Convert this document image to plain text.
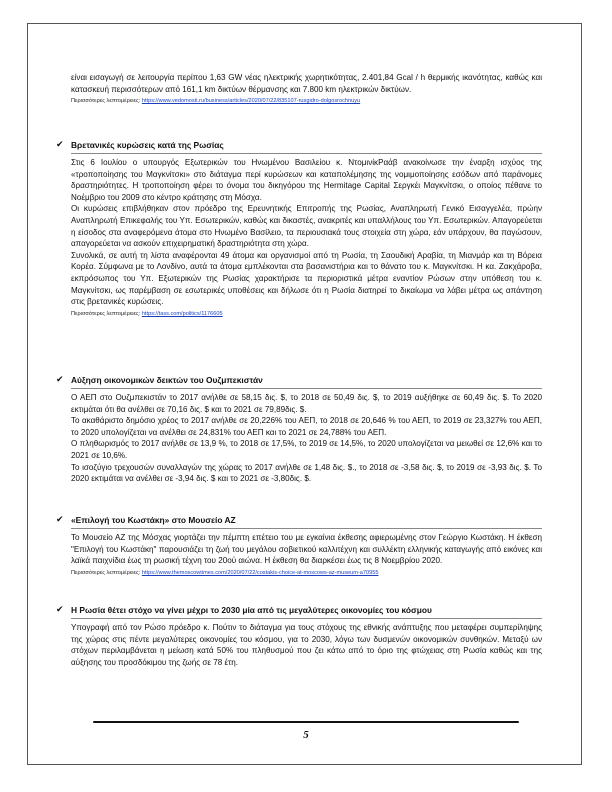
είναι εισαγωγή σε λειτουργία περίπου 1,63 GW νέας ηλεκτρικής χωρητικότητας, 2.401,84 Gcal / h θερμικής ικανότητας, καθώς και κατασκευή περισσότερων από 161,1 km δικτύων θέρμανσης και 7.800 km ηλεκτρικών δικτύων.

Περισσότερες λεπτομέρειες: https://www.vedomosti.ru/business/articles/2020/07/22/835107-rusgidro-dolgosrochnuyu

✔ Βρετανικές κυρώσεις κατά της Ρωσίας

Στις 6 Ιουλίου ο υπουργός Εξωτερικών του Ηνωμένου Βασιλείου κ. ΝτομινίκΡαάβ ανακοίνωσε την έναρξη ισχύος της «τροποποίησης του Μαγκνίτσκι» στο διάταγμα περί κυρώσεων και καταπολέμησης της νομιμοποίησης εσόδων από παράνομες δραστηριότητες. Η τροποποίηση φέρει το όνομα του δικηγόρου της Hermitage Capital Σεργκέι Μαγκνίτσκι, ο οποίος πέθανε το Νοέμβριο του 2009 στο κέντρο κράτησης στη Μόσχα.

Οι κυρώσεις επιβλήθηκαν στον πρόεδρο της Ερευνητικής Επιτροπής της Ρωσίας, Αναπληρωτή Γενικό Εισαγγελέα, πρώην Αναπληρωτή Επικεφαλής του Υπ. Εσωτερικών, καθώς και δικαστές, ανακριτές και υπαλλήλους του Υπ. Εσωτερικών. Απαγορεύεται η είσοδος στα αναφερόμενα άτομα στο Ηνωμένο Βασίλειο, τα περιουσιακά τους στοιχεία στη χώρα, εάν υπάρχουν, θα παγώσουν, απαγορεύεται να ασκούν επιχειρηματική δραστηριότητα στη χώρα.

Συνολικά, σε αυτή τη λίστα αναφέρονται 49 άτομα και οργανισμοί από τη Ρωσία, τη Σαουδική Αραβία, τη Μιανμάρ και τη Βόρεια Κορέα. Σύμφωνα με το Λονδίνο, αυτά τα άτομα εμπλέκονται στα βασανιστήρια και το θάνατο του κ. Μαγκνίτσκι. Η κα. Ζακχάροβα, εκπρόσωπος του Υπ. Εξωτερικών της Ρωσίας χαρακτήρισε τα περιοριστικά μέτρα εναντίον Ρώσων στην υπόθεση του κ. Μαγκνίτσκι, ως παρέμβαση σε εσωτερικές υποθέσεις και δήλωσε ότι η Ρωσία διατηρεί το δικαίωμα να λάβει μέτρα ως απάντηση στις βρετανικές κυρώσεις.

Περισσότερες λεπτομέρειες: https://tass.com/politics/1176605

✔ Αύξηση οικονομικών δεικτών του Ουζμπεκιστάν

Ο ΑΕΠ στο Ουζμπεκιστάν το 2017 ανήλθε σε 58,15 δις. $, το 2018 σε 50,49 δις. $, το 2019 αυξήθηκε σε 60,49 δις. $. Το 2020 εκτιμάται ότι θα ανέλθει σε 70,16 δις. $ και το 2021 σε 79,89δις. $.

Το ακαθάριστο δημόσιο χρέος το 2017 ανήλθε σε 20,226% του ΑΕΠ, το 2018 σε 20,646 % του ΑΕΠ, το 2019 σε 23,327% του ΑΕΠ, το 2020 υπολογίζεται να ανέλθει σε 24,831% του ΑΕΠ και το 2021 σε 24,788% του ΑΕΠ.

Ο πληθωρισμός το 2017 ανήλθε σε 13,9 %, το 2018 σε 17,5%, το 2019 σε 14,5%, το 2020 υπολογίζεται να μειωθεί σε 12,6% και το 2021 σε 10,6%.

Το ισοζύγιο τρεχουσών συναλλαγών της χώρας το 2017 ανήλθε σε 1,48 δις. $., το 2018 σε -3,58 δις. $, το 2019 σε -3,93 δις. $. Το 2020 εκτιμάται να ανέλθει σε -3,94 δις. $ και το 2021 σε -3,80δις. $.

✔ «Επιλογή του Κωστάκη» στο Μουσείο ΑΖ

Το Μουσείο ΑΖ της Μόσχας γιορτάζει την πέμπτη επέτειο του με εγκαίνια έκθεσης αφιερωμένης στον Γεώργιο Κωστάκη. Η έκθεση "Επιλογή του Κωστάκη" παρουσιάζει τη ζωή του μεγάλου σοβιετικού καλλιτέχνη και συλλέκτη ελληνικής καταγωγής από εικόνες και λαϊκά παιχνίδια έως τη ρωσική τέχνη του 20ού αιώνα. Η έκθεση θα διαρκέσει έως τις 8 Νοεμβρίου 2020.

Περισσότερες λεπτομέρειες: https://www.themoscowtimes.com/2020/07/22/costakis-choice-at-moscows-az-museum-a70955

✔ Η Ρωσία θέτει στόχο να γίνει μέχρι το 2030 μία από τις μεγαλύτερες οικονομίες του κόσμου

Υπογραφή από τον Ρώσο πρόεδρο κ. Πούτιν το διάταγμα για τους στόχους της εθνικής ανάπτυξης που μεταφέρει συμπερίληψης της χώρας στις πέντε μεγαλύτερες οικονομίες του κόσμου, για το 2030, λόγω των δυσμενών οικονομικών συνθηκών. Μεταξύ ων στόχων περιλαμβάνεται η μείωση κατά 50% του πληθυσμού που ζει κάτω από το όριο της φτώχειας στη Ρωσία καθώς και της αύξησης του προσδόκιμου της ζωής σε 78 έτη.

5
